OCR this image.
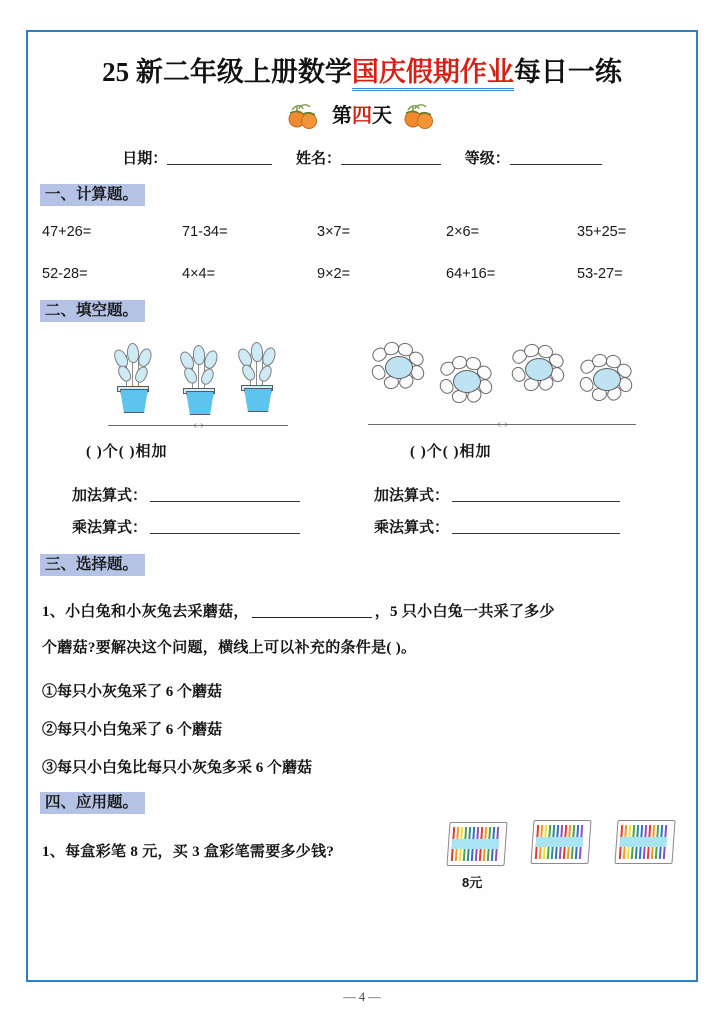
25 新二年级上册数学国庆假期作业每日一练
第四天
日期：	姓名：	等级：
一、计算题。
47+26=	71-34=	3×7=	2×6=	35+25=
52-28=	4×4=	9×2=	64+16=	53-27=
二、填空题。
( )个( )相加	( )个( )相加
加法算式：
乘法算式：
加法算式：
乘法算式：
三、选择题。
1、小白兔和小灰兔去采蘑菇，	，5 只小白兔一共采了多少
个蘑菇?要解决这个问题，横线上可以补充的条件是( )。
①每只小灰兔采了 6 个蘑菇
②每只小白兔采了 6 个蘑菇
③每只小白兔比每只小灰兔多采 6 个蘑菇
四、应用题。
1、每盒彩笔 8 元，买 3 盒彩笔需要多少钱?
8元
— 4 —
